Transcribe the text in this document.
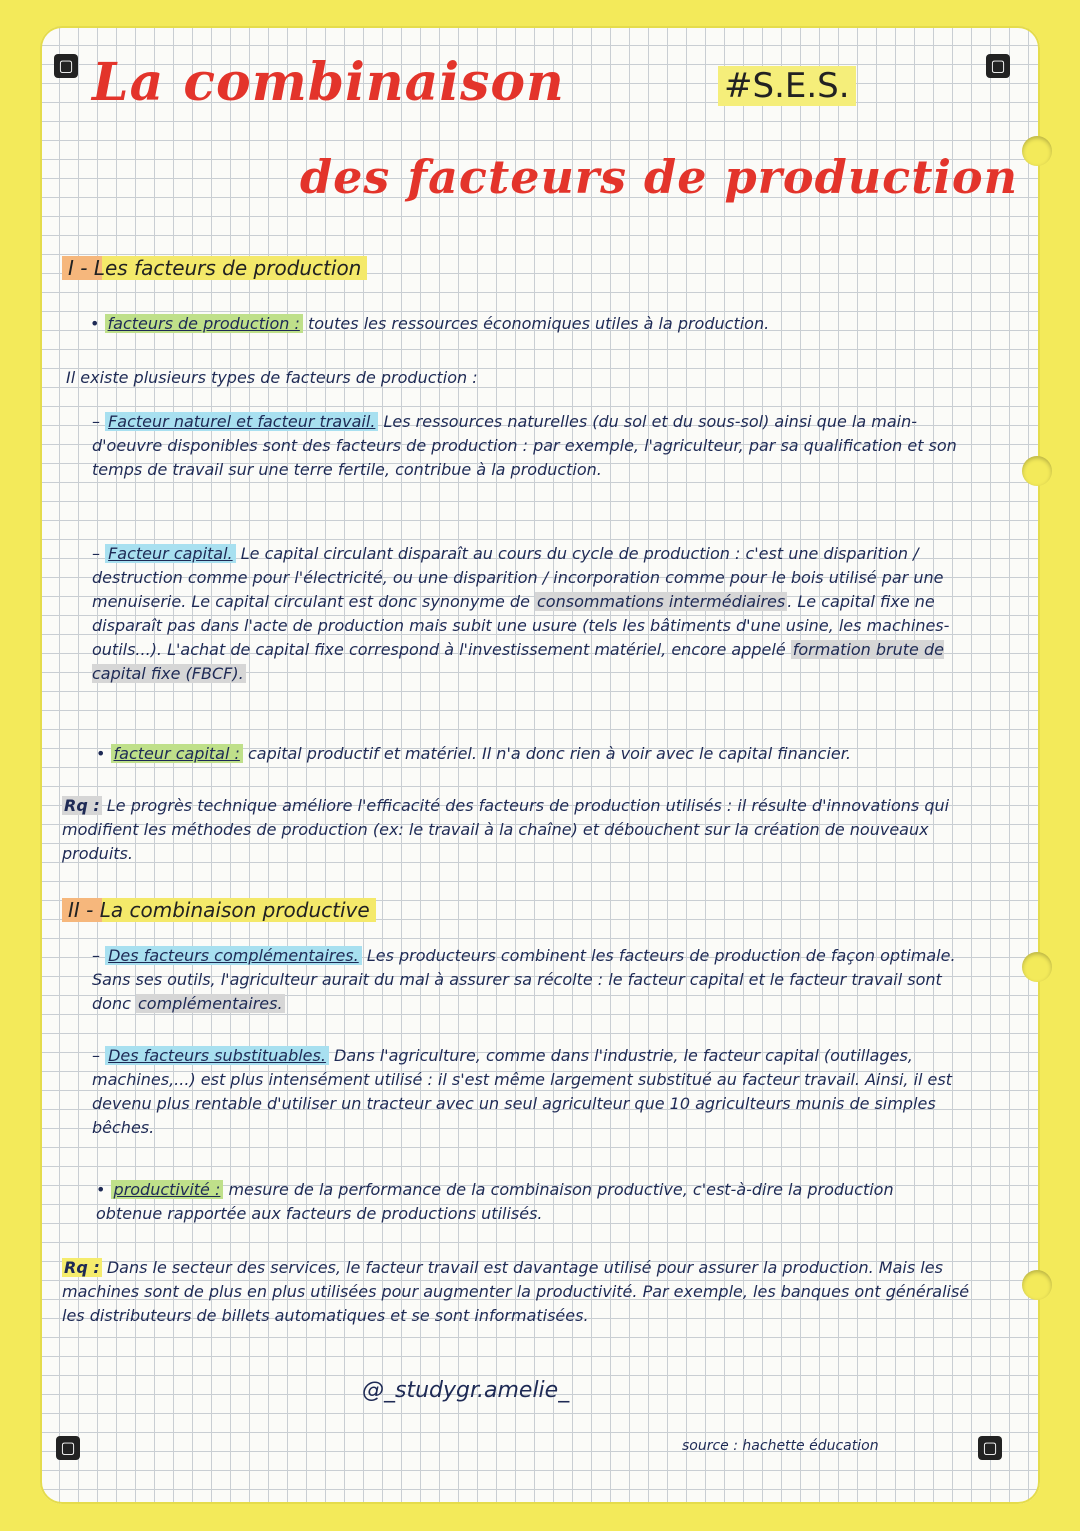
▢	▢
▢	▢
La combinaison	#S.E.S.
des facteurs de production
I - Les facteurs de production
• facteurs de production : toutes les ressources économiques utiles à la production.
Il existe plusieurs types de facteurs de production :
– Facteur naturel et facteur travail. Les ressources naturelles (du sol et du sous-sol) ainsi que la main-d'oeuvre disponibles sont des facteurs de production : par exemple, l'agriculteur, par sa qualification et son temps de travail sur une terre fertile, contribue à la production.
– Facteur capital. Le capital circulant disparaît au cours du cycle de production : c'est une disparition / destruction comme pour l'électricité, ou une disparition / incorporation comme pour le bois utilisé par une menuiserie. Le capital circulant est donc synonyme de consommations intermédiaires . Le capital fixe ne disparaît pas dans l'acte de production mais subit une usure (tels les bâtiments d'une usine, les machines-outils...). L'achat de capital fixe correspond à l'investissement matériel, encore appelé formation brute de capital fixe (FBCF).
• facteur capital : capital productif et matériel. Il n'a donc rien à voir avec le capital financier.
Rq : Le progrès technique améliore l'efficacité des facteurs de production utilisés : il résulte d'innovations qui modifient les méthodes de production (ex: le travail à la chaîne) et débouchent sur la création de nouveaux produits.
II - La combinaison productive
– Des facteurs complémentaires. Les producteurs combinent les facteurs de production de façon optimale. Sans ses outils, l'agriculteur aurait du mal à assurer sa récolte : le facteur capital et le facteur travail sont donc complémentaires.
– Des facteurs substituables. Dans l'agriculture, comme dans l'industrie, le facteur capital (outillages, machines,...) est plus intensément utilisé : il s'est même largement substitué au facteur travail. Ainsi, il est devenu plus rentable d'utiliser un tracteur avec un seul agriculteur que 10 agriculteurs munis de simples bêches.
• productivité : mesure de la performance de la combinaison productive, c'est-à-dire la production obtenue rapportée aux facteurs de productions utilisés.
Rq : Dans le secteur des services, le facteur travail est davantage utilisé pour assurer la production. Mais les machines sont de plus en plus utilisées pour augmenter la productivité. Par exemple, les banques ont généralisé les distributeurs de billets automatiques et se sont informatisées.
@_studygr.amelie_
source : hachette éducation
